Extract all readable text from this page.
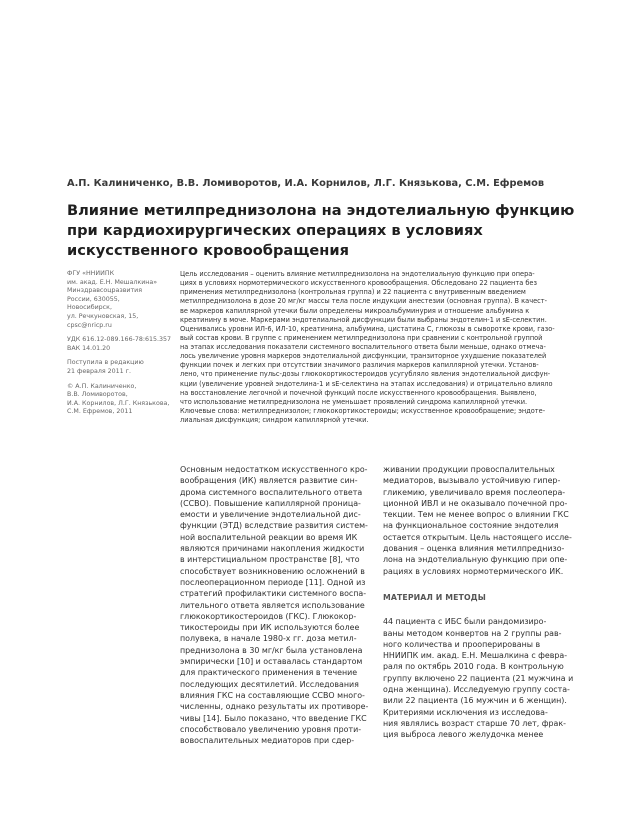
А.П. Калиниченко, В.В. Ломиворотов, И.А. Корнилов, Л.Г. Князькова, С.М. Ефремов
Влияние метилпреднизолона на эндотелиальную функцию
при кардиохирургических операциях в условиях
искусственного кровообращения
ФГУ «ННИИПК
им. акад. Е.Н. Мешалкина»
Минздравсоцразвития
России, 630055,
Новосибирск,
ул. Речкуновская, 15,
cpsc@nricp.ru
УДК 616.12-089.166-78:615.357
ВАК 14.01.20
Поступила в редакцию
21 февраля 2011 г.
© А.П. Калиниченко,
В.В. Ломиворотов,
И.А. Корнилов, Л.Г. Князькова,
С.М. Ефремов, 2011
Цель исследования – оценить влияние метилпреднизолона на эндотелиальную функцию при опера-
циях в условиях нормотермического искусственного кровообращения. Обследовано 22 пациента без
применения метилпреднизолона (контрольная группа) и 22 пациента с внутривенным введением
метилпреднизолона в дозе 20 мг/кг массы тела после индукции анестезии (основная группа). В качест-
ве маркеров капиллярной утечки были определены микроальбуминурия и отношение альбумина к
креатинину в моче. Маркерами эндотелиальной дисфункции были выбраны эндотелин-1 и sE-селектин.
Оценивались уровни ИЛ-6, ИЛ-10, креатинина, альбумина, цистатина C, глюкозы в сыворотке крови, газо-
вый состав крови. В группе с применением метилпреднизолона при сравнении с контрольной группой
на этапах исследования показатели системного воспалительного ответа были меньше, однако отмеча-
лось увеличение уровня маркеров эндотелиальной дисфункции, транзиторное ухудшение показателей
функции почек и легких при отсутствии значимого различия маркеров капиллярной утечки. Установ-
лено, что применение пульс-дозы глюкокортикостероидов усугубляло явления эндотелиальной дисфун-
кции (увеличение уровней эндотелина-1 и sE-селектина на этапах исследования) и отрицательно влияло
на восстановление легочной и почечной функций после искусственного кровообращения. Выявлено,
что использование метилпреднизолона не уменьшает проявлений синдрома капиллярной утечки.
Ключевые слова: метилпреднизолон; глюкокортикостероиды; искусственное кровообращение; эндоте-
лиальная дисфункция; синдром капиллярной утечки.
Основным недостатком искусственного кро-
вообращения (ИК) является развитие син-
дрома системного воспалительного ответа
(ССВО). Повышение капиллярной проница-
емости и увеличение эндотелиальной дис-
функции (ЭТД) вследствие развития систем-
ной воспалительной реакции во время ИК
являются причинами накопления жидкости
в интерстициальном пространстве [8], что
способствует возникновению осложнений в
послеоперационном периоде [11]. Одной из
стратегий профилактики системного воспа-
лительного ответа является использование
глюкокортикостероидов (ГКС). Глюкокор-
тикостероиды при ИК используются более
полувека, в начале 1980-х гг. доза метил-
преднизолона в 30 мг/кг была установлена
эмпирически [10] и оставалась стандартом
для практического применения в течение
последующих десятилетий. Исследования
влияния ГКС на составляющие ССВО много-
численны, однако результаты их противоре-
чивы [14]. Было показано, что введение ГКС
способствовало увеличению уровня проти-
вовоспалительных медиаторов при сдер-
живании продукции провоспалительных
медиаторов, вызывало устойчивую гипер-
гликемию, увеличивало время послеопера-
ционной ИВЛ и не оказывало почечной про-
текции. Тем не менее вопрос о влиянии ГКС
на функциональное состояние эндотелия
остается открытым. Цель настоящего иссле-
дования – оценка влияния метилпреднизо-
лона на эндотелиальную функцию при опе-
рациях в условиях нормотермического ИК.
МАТЕРИАЛ И МЕТОДЫ
44 пациента с ИБС были рандомизиро-
ваны методом конвертов на 2 группы рав-
ного количества и прооперированы в
ННИИПК им. акад. Е.Н. Мешалкина с февра-
раля по октябрь 2010 года. В контрольную
группу включено 22 пациента (21 мужчина и
одна женщина). Исследуемую группу соста-
вили 22 пациента (16 мужчин и 6 женщин).
Критериями исключения из исследова-
ния являлись возраст старше 70 лет, фрак-
ция выброса левого желудочка менее
